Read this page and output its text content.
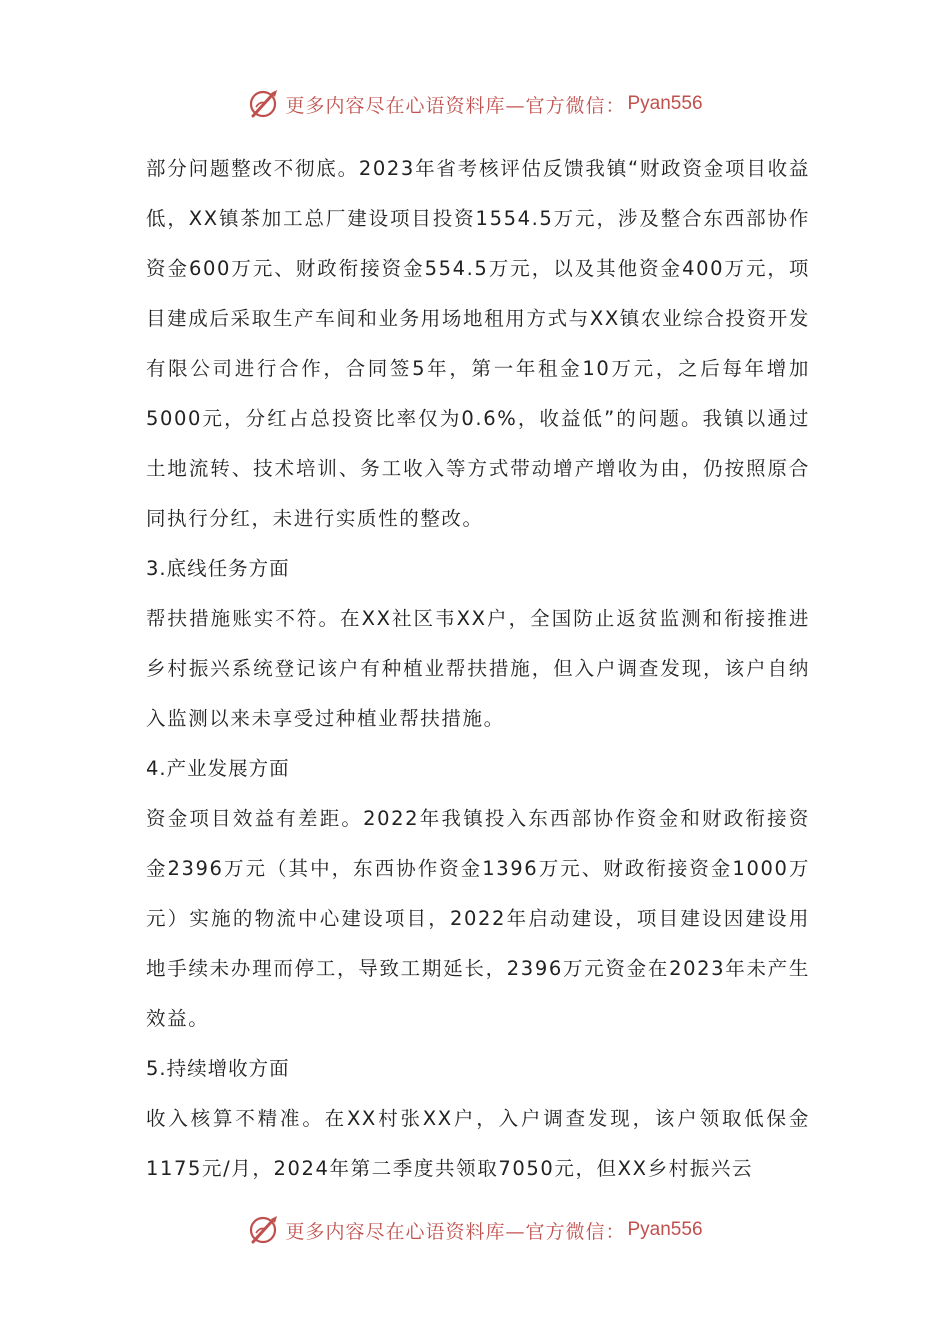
更多内容尽在心语资料库—官方微信： Pyan556

部分问题整改不彻底。2023年省考核评估反馈我镇“财政资金项目收益低，XX镇茶加工总厂建设项目投资1554.5万元，涉及整合东西部协作资金600万元、财政衔接资金554.5万元，以及其他资金400万元，项目建成后采取生产车间和业务用场地租用方式与XX镇农业综合投资开发有限公司进行合作，合同签5年，第一年租金10万元，之后每年增加5000元，分红占总投资比率仅为0.6%，收益低”的问题。我镇以通过土地流转、技术培训、务工收入等方式带动增产增收为由，仍按照原合同执行分红，未进行实质性的整改。

3.底线任务方面

帮扶措施账实不符。在XX社区韦XX户，全国防止返贫监测和衔接推进乡村振兴系统登记该户有种植业帮扶措施，但入户调查发现，该户自纳入监测以来未享受过种植业帮扶措施。

4.产业发展方面

资金项目效益有差距。2022年我镇投入东西部协作资金和财政衔接资金2396万元（其中，东西协作资金1396万元、财政衔接资金1000万元）实施的物流中心建设项目，2022年启动建设，项目建设因建设用地手续未办理而停工，导致工期延长，2396万元资金在2023年未产生效益。

5.持续增收方面

收入核算不精准。在XX村张XX户，入户调查发现，该户领取低保金1175元/月，2024年第二季度共领取7050元，但XX乡村振兴云

更多内容尽在心语资料库—官方微信： Pyan556
